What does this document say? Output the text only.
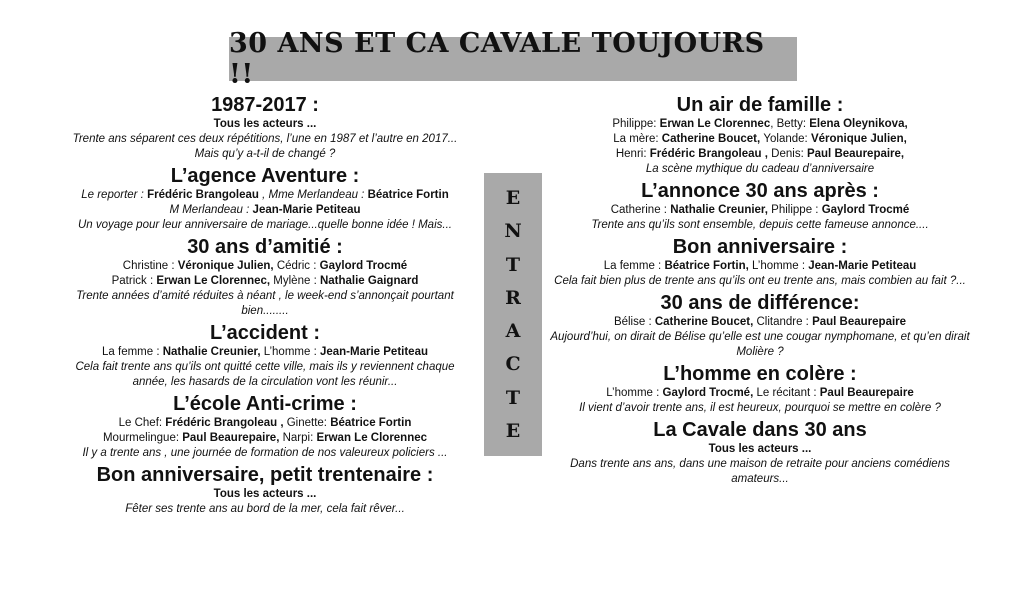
30 ANS ET CA CAVALE TOUJOURS !!
1987-2017 :
Tous les acteurs ...
Trente ans séparent ces deux répétitions, l’une en 1987 et l’autre en 2017... Mais qu’y a-t-il de changé ?
L’agence Aventure :
Le reporter : Frédéric Brangoleau , Mme Merlandeau : Béatrice Fortin
M Merlandeau : Jean-Marie Petiteau
Un voyage pour leur anniversaire de mariage...quelle bonne idée ! Mais...
30 ans d’amitié :
Christine : Véronique Julien, Cédric : Gaylord Trocmé
Patrick : Erwan Le Clorennec, Mylène : Nathalie Gaignard
Trente années d’amité réduites à néant , le week-end s’annonçait pourtant bien........
L’accident :
La femme : Nathalie Creunier, L’homme : Jean-Marie Petiteau
Cela fait trente ans qu’ils ont quitté cette ville, mais ils y reviennent chaque année, les hasards de la circulation vont les réunir...
L’école Anti-crime :
Le Chef: Frédéric Brangoleau , Ginette: Béatrice Fortin
Mourmelingue: Paul Beaurepaire, Narpi: Erwan Le Clorennec
Il y a trente ans , une journée de formation de nos valeureux policiers ...
Bon anniversaire, petit trentenaire :
Tous les acteurs ...
Fêter ses trente ans au bord de la mer, cela fait rêver...
E
N
T
R
A
C
T
E
Un air de famille :
Philippe: Erwan Le Clorennec, Betty: Elena Oleynikova,
La mère: Catherine Boucet, Yolande: Véronique Julien,
Henri: Frédéric Brangoleau , Denis: Paul Beaurepaire,
La scène mythique du cadeau d’anniversaire
L’annonce 30 ans après :
Catherine : Nathalie Creunier, Philippe : Gaylord Trocmé
Trente ans qu’ils sont ensemble, depuis cette fameuse annonce....
Bon anniversaire :
La femme : Béatrice Fortin, L’homme : Jean-Marie Petiteau
Cela fait bien plus de trente ans qu’ils ont eu trente ans, mais combien au fait ?...
30 ans de différence:
Bélise : Catherine Boucet, Clitandre : Paul Beaurepaire
Aujourd’hui, on dirait de Bélise qu’elle est une cougar nymphomane, et qu’en dirait Molière ?
L’homme en colère :
L’homme : Gaylord Trocmé, Le récitant : Paul Beaurepaire
Il vient d’avoir trente ans, il est heureux, pourquoi se mettre en colère ?
La Cavale dans 30 ans
Tous les acteurs ...
Dans trente ans ans, dans une maison de retraite pour anciens comédiens amateurs...
